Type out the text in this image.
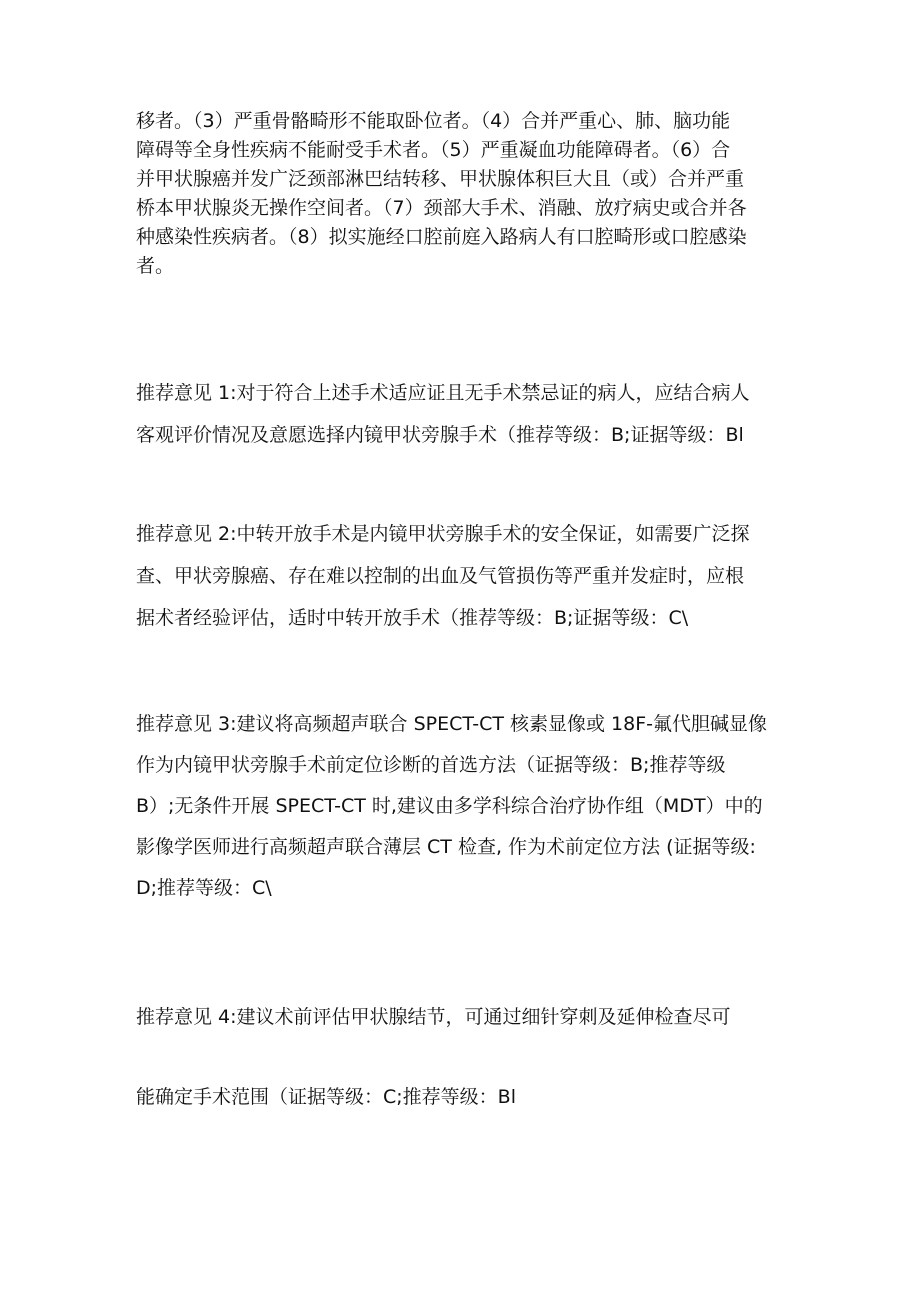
移者。（3）严重骨骼畸形不能取卧位者。（4）合并严重心、肺、脑功能
障碍等全身性疾病不能耐受手术者。（5）严重凝血功能障碍者。（6）合
并甲状腺癌并发广泛颈部淋巴结转移、甲状腺体积巨大且（或）合并严重
桥本甲状腺炎无操作空间者。（7）颈部大手术、消融、放疗病史或合并各
种感染性疾病者。（8）拟实施经口腔前庭入路病人有口腔畸形或口腔感染
者。

推荐意见 1:对于符合上述手术适应证且无手术禁忌证的病人，应结合病人
客观评价情况及意愿选择内镜甲状旁腺手术（推荐等级：B;证据等级：Bl

推荐意见 2:中转开放手术是内镜甲状旁腺手术的安全保证，如需要广泛探
查、甲状旁腺癌、存在难以控制的出血及气管损伤等严重并发症时，应根
据术者经验评估，适时中转开放手术（推荐等级：B;证据等级：C\

推荐意见 3:建议将高频超声联合 SPECT-CT 核素显像或 18F-氟代胆碱显像
作为内镜甲状旁腺手术前定位诊断的首选方法（证据等级：B;推荐等级
B）;无条件开展 SPECT-CT 时,建议由多学科综合治疗协作组（MDT）中的
影像学医师进行高频超声联合薄层 CT 检查, 作为术前定位方法 (证据等级:
D;推荐等级：C\

推荐意见 4:建议术前评估甲状腺结节，可通过细针穿刺及延伸检查尽可

能确定手术范围（证据等级：C;推荐等级：Bl
